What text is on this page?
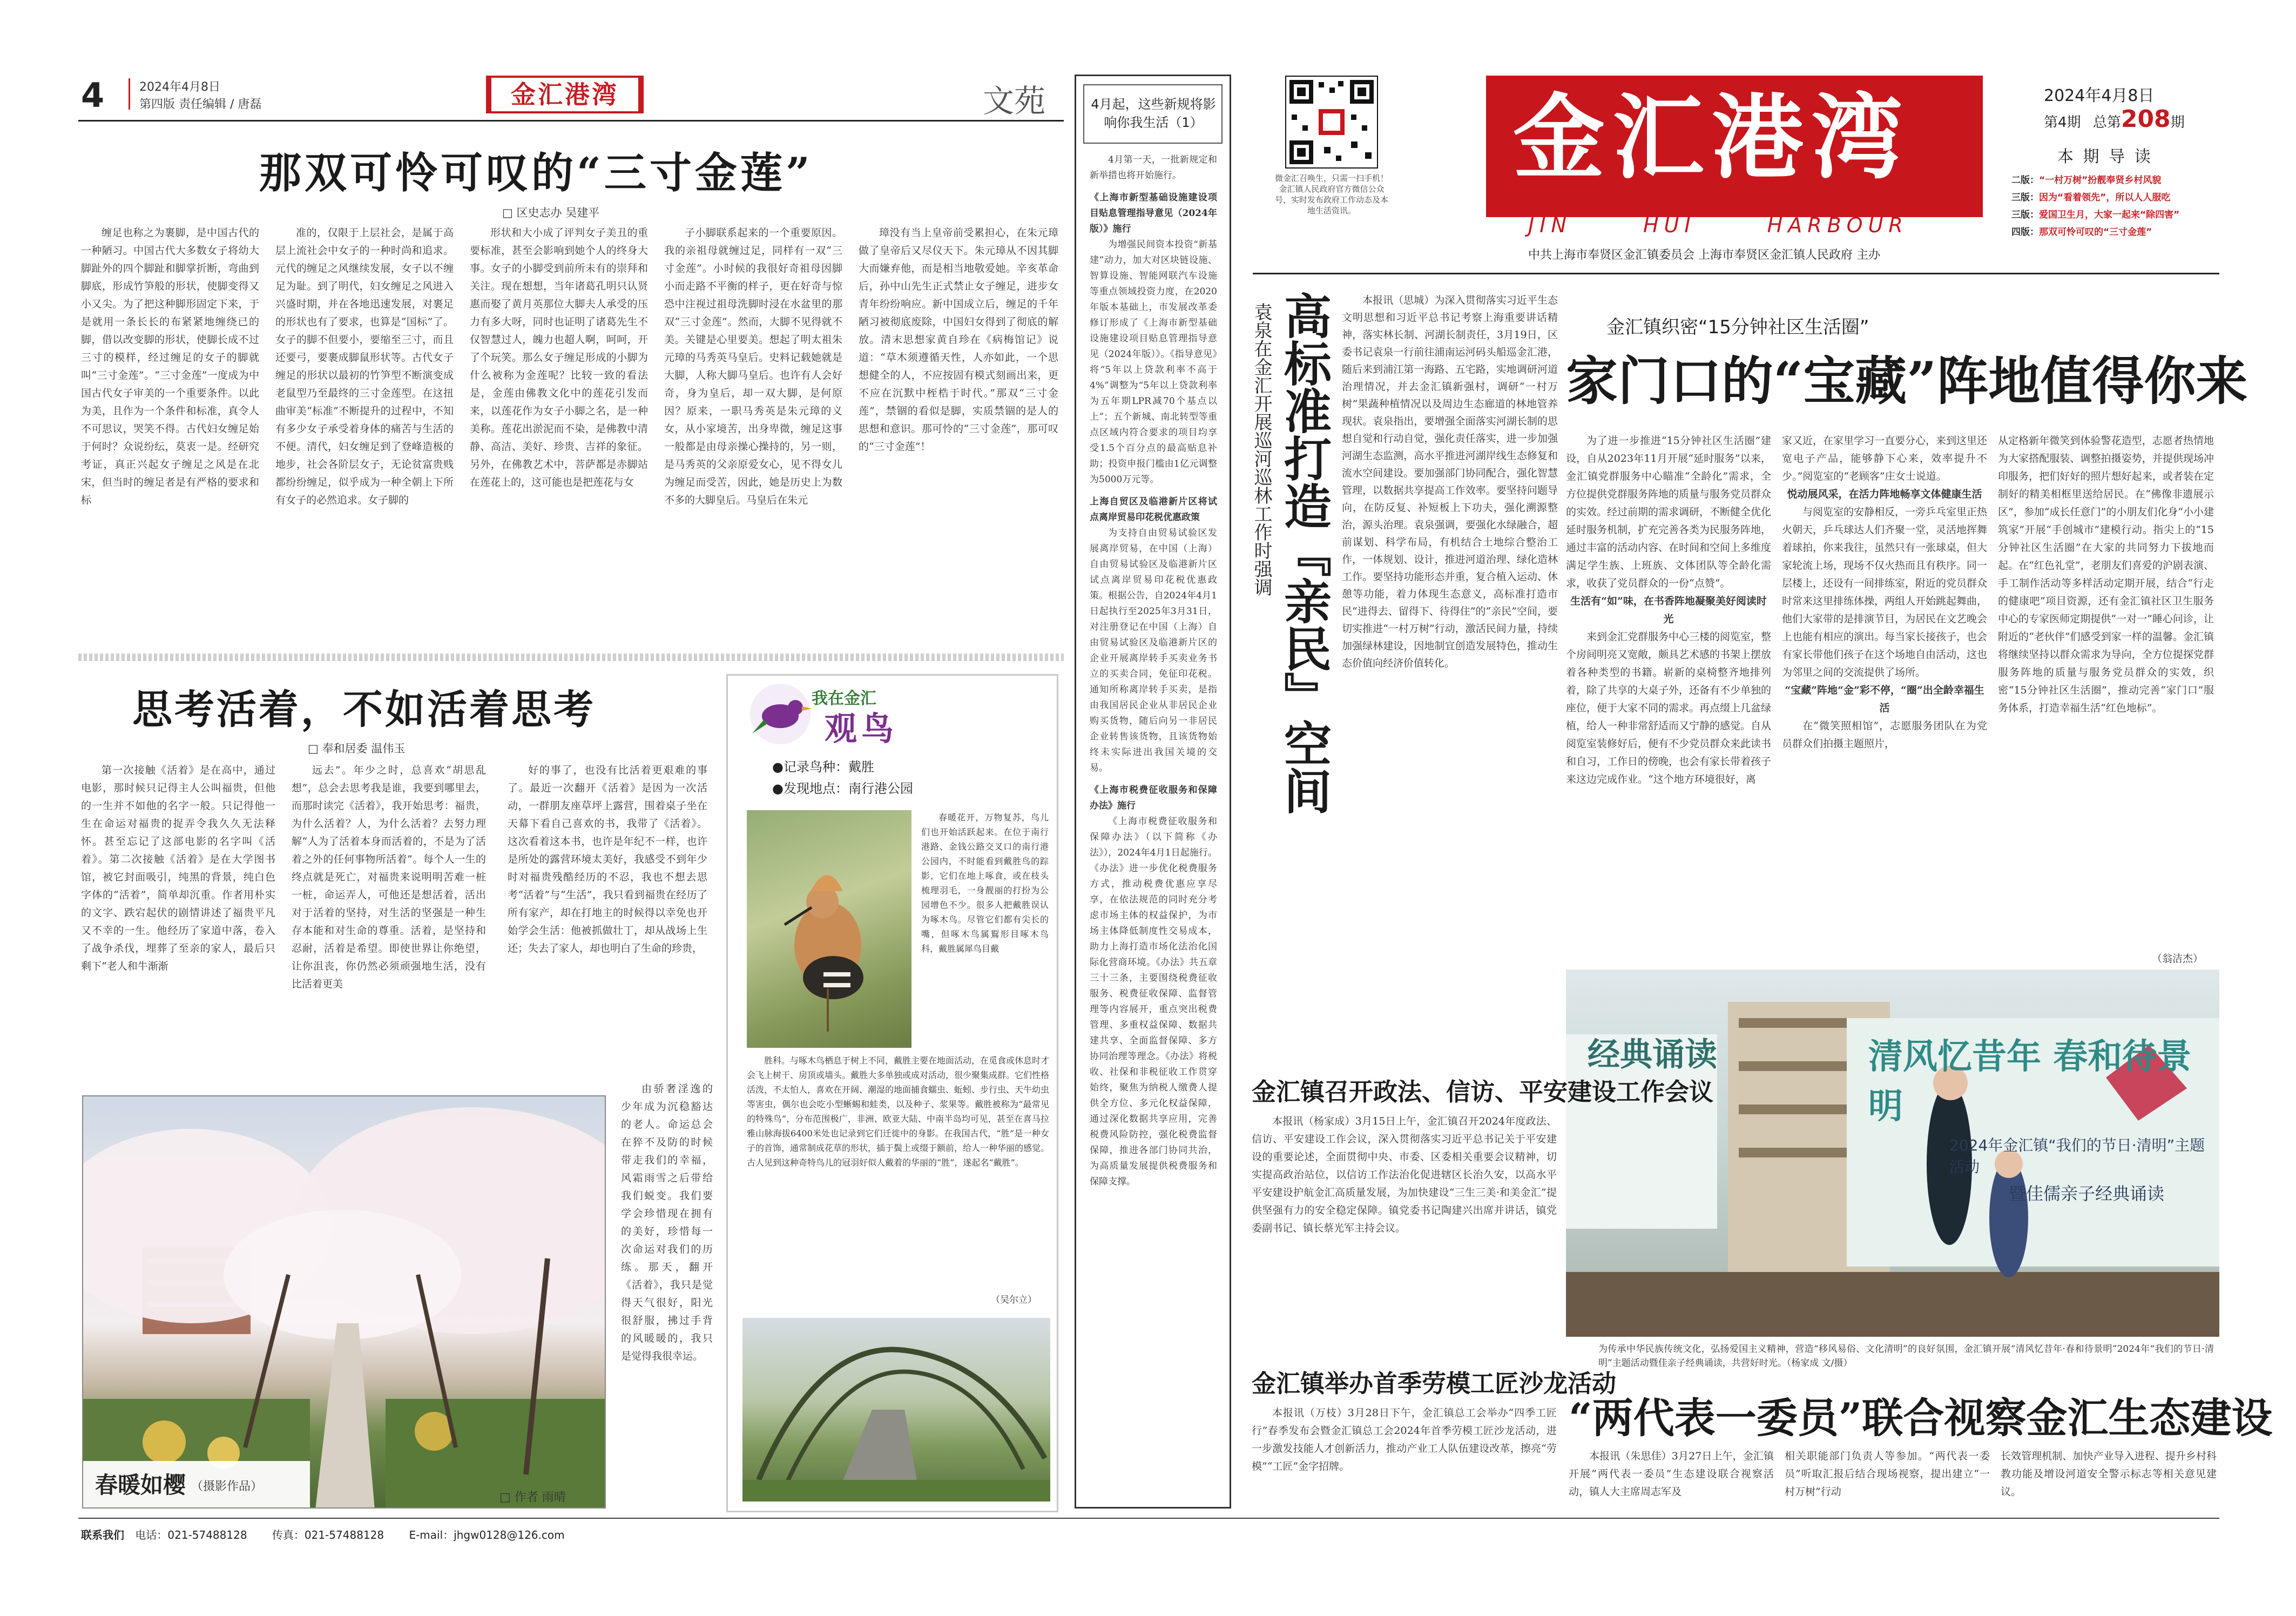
4	2024年4月8日
第四版 责任编辑 / 唐磊	金汇港湾	文苑
那双可怜可叹的“三寸金莲”
□ 区史志办 吴建平

缠足也称之为裹脚，是中国古代的一种陋习。中国古代大多数女子将幼大脚趾外的四个脚趾和脚掌折断，弯曲到脚底，形成竹笋般的形状，使脚变得又小又尖。为了把这种脚形固定下来，于是就用一条长长的布紧紧地缠绕已的脚，借以改变脚的形状，使脚长成不过三寸的模样，经过缠足的女子的脚就叫“三寸金莲”。“三寸金莲”一度成为中国古代女子审美的一个重要条件。以此为美，且作为一个条件和标准，真令人不可思议，哭笑不得。古代妇女缠足始于何时？众说纷纭，莫衷一是。经研究考证，真正兴起女子缠足之风是在北宋，但当时的缠足者是有严格的要求和标

准的，仅限于上层社会，是属于高层上流社会中女子的一种时尚和追求。元代的缠足之风继续发展，女子以不缠足为耻。到了明代，妇女缠足之风进入兴盛时期，并在各地迅速发展，对裹足的形状也有了要求，也算是“国标”了。女子的脚不但要小，要缩至三寸，而且还要弓，要裹成脚鼠形状等。古代女子缠足的形状以最初的竹笋型不断演变成老鼠型乃至最终的三寸金莲型。在这扭曲审美“标准”不断提升的过程中，不知有多少女子承受着身体的痛苦与生活的不便。清代，妇女缠足到了登峰造极的地步，社会各阶层女子，无论贫富贵贱都纷纷缠足，似乎成为一种全朝上下所有女子的必然追求。女子脚的

形状和大小成了评判女子美丑的重要标准，甚至会影响到她个人的终身大事。女子的小脚受到前所未有的崇拜和关注。现在想想，当年诸葛孔明只认贤惠而娶了黄月英那位大脚夫人承受的压力有多大呀，同时也证明了诸葛先生不仅智慧过人，魄力也超人啊，呵呵，开了个玩笑。那么女子缠足形成的小脚为什么被称为金莲呢？比较一致的看法是，金莲由佛教文化中的莲花引发而来，以莲花作为女子小脚之名，是一种美称。莲花出淤泥而不染，是佛教中清静、高洁、美好、珍贵、吉祥的象征。另外，在佛教艺术中，菩萨都是赤脚站在莲花上的，这可能也是把莲花与女

子小脚联系起来的一个重要原因。我的亲祖母就缠过足，同样有一双“三寸金莲”。小时候的我很好奇祖母因脚小而走路不平衡的样子，更在好奇与惊恐中注视过祖母洗脚时浸在水盆里的那双“三寸金莲”。然而，大脚不见得就不美。关键是心里要美。想起了明太祖朱元璋的马秀英马皇后。史料记载她就是大脚，人称大脚马皇后。也许有人会好奇，身为皇后，却一双大脚，是何原因？原来，一职马秀英是朱元璋的义女，从小家境苦，出身卑微，缠足这事一般都是由母亲操心操持的，另一则，是马秀英的父亲原爱女心，见不得女儿为缠足而受苦，因此，她是历史上为数不多的大脚皇后。马皇后在朱元

璋没有当上皇帝前受累担心，在朱元璋做了皇帝后又尽仪天下。朱元璋从不因其脚大而嫌弃他，而是相当地敬爱她。辛亥革命后，孙中山先生正式禁止女子缠足，进步女青年纷纷响应。新中国成立后，缠足的千年陋习被彻底废除，中国妇女得到了彻底的解放。清末思想家黄自珍在《病梅馆记》说道：“草木须遵循天性，人亦如此，一个思想健全的人，不应按固有模式刻画出来，更不应在沉默中桎梏于时代。”那双“三寸金莲”，禁锢的看似是脚，实质禁锢的是人的思想和意识。那可怜的“三寸金莲”，那可叹的“三寸金莲”！

思考活着，不如活着思考
□ 奉和居委 温伟玉

第一次接触《活着》是在高中，通过电影，那时候只记得主人公叫福贵，但他的一生并不如他的名字一般。只记得他一生在命运对福贵的捉弄令我久久无法释怀。甚至忘记了这部电影的名字叫《活着》。第二次接触《活着》是在大学图书馆，被它封面吸引，纯黑的背景，纯白色字体的“活着”，简单却沉重。作者用朴实的文字、跌宕起伏的剧情讲述了福贵平凡又不幸的一生。他经历了家道中落，卷入了战争杀伐，埋葬了至亲的家人，最后只剩下“老人和牛渐渐

远去”。年少之时，总喜欢“胡思乱想”，总会去思考我是谁，我要到哪里去，而那时读完《活着》，我开始思考：福贵，为什么活着？人，为什么活着？去努力理解“人为了活着本身而活着的，不是为了活着之外的任何事物所活着”。每个人一生的终点就是死亡，对福贵来说明明苦难一桩一桩，命运弄人，可他还是想活着，活出对于活着的坚持，对生活的坚强是一种生存本能和对生命的尊重。活着，是坚持和忍耐，活着是希望。即使世界让你绝望，让你沮丧，你仍然必须顽强地生活，没有比活着更美

好的事了，也没有比活着更艰难的事了。最近一次翻开《活着》是因为一次活动，一群朋友座草坪上露营，围着桌子坐在天幕下看自己喜欢的书，我带了《活着》。这次看着这本书，也许是年纪不一样，也许是所处的露营环境太美好，我感受不到年少时对福贵残酷经历的不忍，我也不想去思考“活着”与“生活”，我只看到福贵在经历了所有家产，却在打地主的时候得以幸免也开始学会生活：他被抓做壮丁，却从战场上生还；失去了家人，却也明白了生命的珍贵，

由骄奢淫逸的少年成为沉稳豁达的老人。命运总会在猝不及防的时候带走我们的幸福，风霜雨雪之后带给我们蜕变。我们要学会珍惜现在拥有的美好，珍惜每一次命运对我们的历练。那天，翻开《活着》，我只是觉得天气很好，阳光很舒服，拂过手背的风暖暖的，我只是觉得我很幸运。

春暖如樱 （摄影作品）
□ 作者 雨晴
我在金汇
观鸟
●记录鸟种：戴胜
●发现地点：南行港公园

春暖花开，万物复苏，鸟儿们也开始活跃起来。在位于南行港路、金钱公路交叉口的南行港公园内，不时能看到戴胜鸟的踪影，它们在地上啄食，或在枝头梳理羽毛，一身靓丽的打扮为公园增色不少。很多人把戴胜误认为啄木鸟。尽管它们都有尖长的嘴，但啄木鸟属鴷形目啄木鸟科，戴胜属犀鸟目戴

胜科。与啄木鸟栖息于树上不同，戴胜主要在地面活动，在觅食或休息时才会飞上树干、房顶或墙头。戴胜大多单独或成对活动，很少聚集成群。它们性格活泼，不太怕人，喜欢在开阔、潮湿的地面捕食蠕虫、蚯蚓、步行虫、天牛幼虫等害虫，偶尔也会吃小型蜥蜴和蛙类，以及种子、浆果等。戴胜被称为“最常见的特殊鸟”，分布范围极广，非洲、欧亚大陆、中南半岛均可见，甚至在喜马拉雅山脉海拔6400米处也记录到它们迁徙中的身影。在我国古代，“胜”是一种女子的首饰，通常制成花草的形状，插于鬓上或缀于额前，给人一种华丽的感觉。古人见到这种奇特鸟儿的冠羽好似人戴着的华丽的“胜”，遂起名“戴胜”。

（吴尔立）
4月起，这些新规将影响你我生活（1）

4月第一天，一批新规定和新举措也将开始施行。

《上海市新型基础设施建设项目贴息管理指导意见（2024年版）》施行

为增强民间资本投资“新基建”动力，加大对区块链设施、智算设施、智能网联汽车设施等重点领域投资力度，在2020年版本基础上，市发展改革委修订形成了《上海市新型基础设施建设项目贴息管理指导意见（2024年版）》。《指导意见》将“5年以上贷款利率不高于4%”调整为“5年以上贷款利率为五年期LPR减70个基点以上”；五个新城、南北转型等重点区域内符合要求的项目均享受1.5个百分点的最高贴息补助；投资申报门槛由1亿元调整为5000万元等。

上海自贸区及临港新片区将试点离岸贸易印花税优惠政策

为支持自由贸易试验区发展离岸贸易，在中国（上海）自由贸易试验区及临港新片区试点离岸贸易印花税优惠政策。根据公告，自2024年4月1日起执行至2025年3月31日，对注册登记在中国（上海）自由贸易试验区及临港新片区的企业开展离岸转手买卖业务书立的买卖合同，免征印花税。通知所称离岸转手买卖，是指由我国居民企业从非居民企业购买货物，随后向另一非居民企业转售该货物，且该货物始终未实际进出我国关境的交易。

《上海市税费征收服务和保障办法》施行

《上海市税费征收服务和保障办法》（以下简称《办法》），2024年4月1日起施行。《办法》进一步优化税费服务方式，推动税费优惠应享尽享，在依法规范的同时充分考虑市场主体的权益保护，为市场主体降低制度性交易成本，助力上海打造市场化法治化国际化营商环境。《办法》共五章三十三条，主要围绕税费征收服务、税费征收保障、监督管理等内容展开，重点突出税费管理、多重权益保障、数据共建共享、全面监督保障、多方协同治理等理念。《办法》将税收、社保和非税征收工作贯穿始终，聚焦为纳税人缴费人提供全方位、多元化权益保障，通过深化数据共享应用，完善税费风险防控，强化税费监督保障，推进各部门协同共治，为高质量发展提供税费服务和保障支撑。

微金汇召唤生，只需一扫手机！金汇镇人民政府官方微信公众号，实时发布政府工作动态及本地生活资讯。
金汇港湾
JIN	HUI	HARBOUR
中共上海市奉贤区金汇镇委员会 上海市奉贤区金汇镇人民政府 主办
2024年4月8日
第4期 总第208期
本 期 导 读
二版：“一村万树”扮靓奉贤乡村风貌
三版：因为“看着领先”，所以人人服吃
三版：爱国卫生月，大家一起来“除四害”
四版：那双可怜可叹的“三寸金莲”
袁泉在金汇开展巡河巡林工作时强调 高标准打造『亲民』空间

本报讯（思城）为深入贯彻落实习近平生态文明思想和习近平总书记考察上海重要讲话精神，落实林长制、河湖长制责任，3月19日，区委书记袁泉一行前往浦南运河码头船巡金汇港，随后来到浦江第一海路、五宅路，实地调研河道治理情况，并去金汇镇新强村，调研“一村万树”果蔬种植情况以及周边生态廊道的林地管养现状。袁泉指出，要增强全面落实河湖长制的思想自觉和行动自觉，强化责任落实，进一步加强河湖生态监测，高水平推进河湖岸线生态修复和流水空间建设。要加强部门协同配合，强化智慧管理，以数据共享提高工作效率。要坚持问题导向，在防反复、补短板上下功夫，强化溯源整治，源头治理。袁泉强调，要强化水绿融合，超前谋划、科学布局，有机结合土地综合整治工作，一体规划、设计，推进河道治理、绿化造林工作。要坚持功能形态并重，复合植入运动、休憩等功能，着力体现生态意义，高标准打造市民“进得去、留得下、待得住”的“亲民”空间，要切实推进“一村万树”行动，激活民间力量，持续加强绿林建设，因地制宜创造发展特色，推动生态价值向经济价值转化。

金汇镇织密“15分钟社区生活圈”
家门口的“宝藏”阵地值得你来

为了进一步推进“15分钟社区生活圈”建设，自从2023年11月开展“延时服务”以来，金汇镇党群服务中心瞄准“全龄化”需求，全方位提供党群服务阵地的质量与服务党员群众的实效。经过前期的需求调研，不断健全优化延时服务机制，扩充完善各类为民服务阵地，通过丰富的活动内容、在时间和空间上多维度满足学生族、上班族、文体团队等全龄化需求，收获了党员群众的一份“点赞”。

生活有“如”味，在书香阵地凝聚美好阅读时光

来到金汇党群服务中心三楼的阅览室，整个房间明亮又宽敞，颇具艺术感的书架上摆放着各种类型的书籍。崭新的桌椅整齐地排列着，除了共享的大桌子外，还备有不少单独的座位，便于大家不同的需求。再点缀上几盆绿植，给人一种非常舒适而又宁静的感觉。自从阅览室装修好后，便有不少党员群众来此读书和自习，工作日的傍晚，也会有家长带着孩子来这边完成作业。“这个地方环境很好，离

家又近，在家里学习一直要分心，来到这里还宽电子产品，能够静下心来，效率提升不少。”阅览室的“老顾客”庄女士说道。

悦动展风采，在活力阵地畅享文体健康生活

与阅览室的安静相反，一旁乒乓室里正热火朝天，乒乓球达人们齐聚一堂，灵活地挥舞着球拍，你来我往，虽然只有一张球桌，但大家轮流上场，现场不仅火热而且有秩序。同一层楼上，还设有一间排练室，附近的党员群众时常来这里排练体操，两组人开始跳起舞曲，他们大家带的是排演节目，为居民在文艺晚会上也能有相应的演出。每当家长接孩子，也会有家长带他们孩子在这个场地自由活动，这也为邻里之间的交流提供了场所。

“宝藏”阵地“金”彩不停，“圈”出全龄幸福生活

在“微笑照相馆”，志愿服务团队在为党员群众们拍摄主题照片，

从定格新年微笑到体验警花造型，志愿者热情地为大家搭配服装、调整拍摄姿势，并提供现场冲印服务，把们好好的照片想好起来，或者装在定制好的精美相框里送给居民。在“佛像非遗展示区”，参加“成长任意门”的小朋友们化身“小小建筑家”开展“手创城市”建模行动。指尖上的“15分钟社区生活圈”在大家的共同努力下拔地而起。在“红色礼堂”，老朋友们喜爱的沪剧表演、手工制作活动等多样活动定期开展，结合“行走的健康吧”项目资源，还有金汇镇社区卫生服务中心的专家医师定期提供“一对一”睡心问诊，让附近的“老伙伴”们感受到家一样的温馨。金汇镇将继续坚持以群众需求为导向，全方位提探党群服务阵地的质量与服务党员群众的实效，织密“15分钟社区生活圈”，推动完善“家门口”服务体系，打造幸福生活“红色地标”。

（翁洁杰）
经典诵读	清风忆昔年 春和待景明
2024年金汇镇“我们的节日·清明”主题活动
暨佳儒亲子经典诵读
为传承中华民族传统文化，弘扬爱国主义精神，营造“移风易俗、文化清明”的良好氛围，金汇镇开展“清风忆昔年·春和待景明”2024年“我们的节日·清明”主题活动暨佳亲子经典诵读，共营好时光。（杨家成 文/摄）
金汇镇召开政法、信访、平安建设工作会议

本报讯（杨家成）3月15日上午，金汇镇召开2024年度政法、信访、平安建设工作会议，深入贯彻落实习近平总书记关于平安建设的重要论述，全面贯彻中央、市委、区委相关重要会议精神，切实提高政治站位，以信访工作法治化促进辖区长治久安，以高水平平安建设护航金汇高质量发展，为加快建设“三生三美·和美金汇”提供坚强有力的安全稳定保障。镇党委书记陶建兴出席并讲话，镇党委副书记、镇长蔡光军主持会议。

金汇镇举办首季劳模工匠沙龙活动

本报讯（万枝）3月28日下午，金汇镇总工会举办“四季工匠行”春季发布会暨金汇镇总工会2024年首季劳模工匠沙龙活动，进一步激发技能人才创新活力，推动产业工人队伍建设改革，擦亮“劳模”“工匠”金字招牌。

“两代表一委员”联合视察金汇生态建设

本报讯（朱思佳）3月27日上午，金汇镇开展“两代表一委员”生态建设联合视察活动，镇人大主席周志军及

相关职能部门负责人等参加。“两代表一委员”听取汇报后结合现场视察，提出建立“一村万树”行动

长效管理机制、加快产业导入进程、提升乡村科教功能及增设河道安全警示标志等相关意见建议。

联系我们 电话：021-57488128 传真：021-57488128 E-mail：jhgw0128@126.com
